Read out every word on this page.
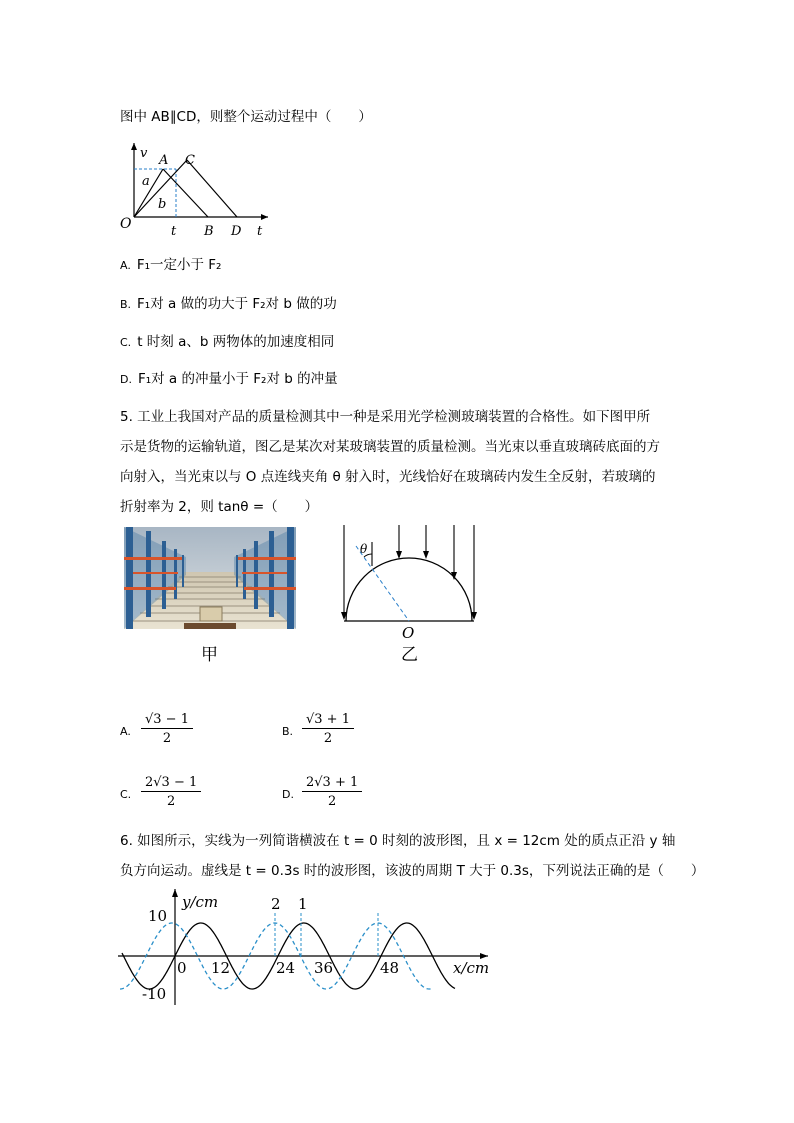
图中 AB∥CD，则整个运动过程中（　　）
v A C
a
b
O	t B D t
A. F₁一定小于 F₂
B. F₁对 a 做的功大于 F₂对 b 做的功
C. t 时刻 a、b 两物体的加速度相同
D. F₁对 a 的冲量小于 F₂对 b 的冲量
5. 工业上我国对产品的质量检测其中一种是采用光学检测玻璃装置的合格性。如下图甲所
示是货物的运输轨道，图乙是某次对某玻璃装置的质量检测。当光束以垂直玻璃砖底面的方
向射入，当光束以与 O 点连线夹角 θ 射入时，光线恰好在玻璃砖内发生全反射，若玻璃的
折射率为 2，则 tanθ =（　　）
甲
θ
O
乙
A. $\frac{√3 - 1}{2}$	B. $\frac{√3 + 1}{2}$
C. $\frac{2√3 - 1}{2}$	D. $\frac{2√3 + 1}{2}$
6. 如图所示，实线为一列简谐横波在 t = 0 时刻的波形图，且 x = 12cm 处的质点正沿 y 轴
负方向运动。虚线是 t = 0.3s 时的波形图，该波的周期 T 大于 0.3s，下列说法正确的是（　　）
y/cm
10
-10
0 12	24 36	48
2 1
x/cm
